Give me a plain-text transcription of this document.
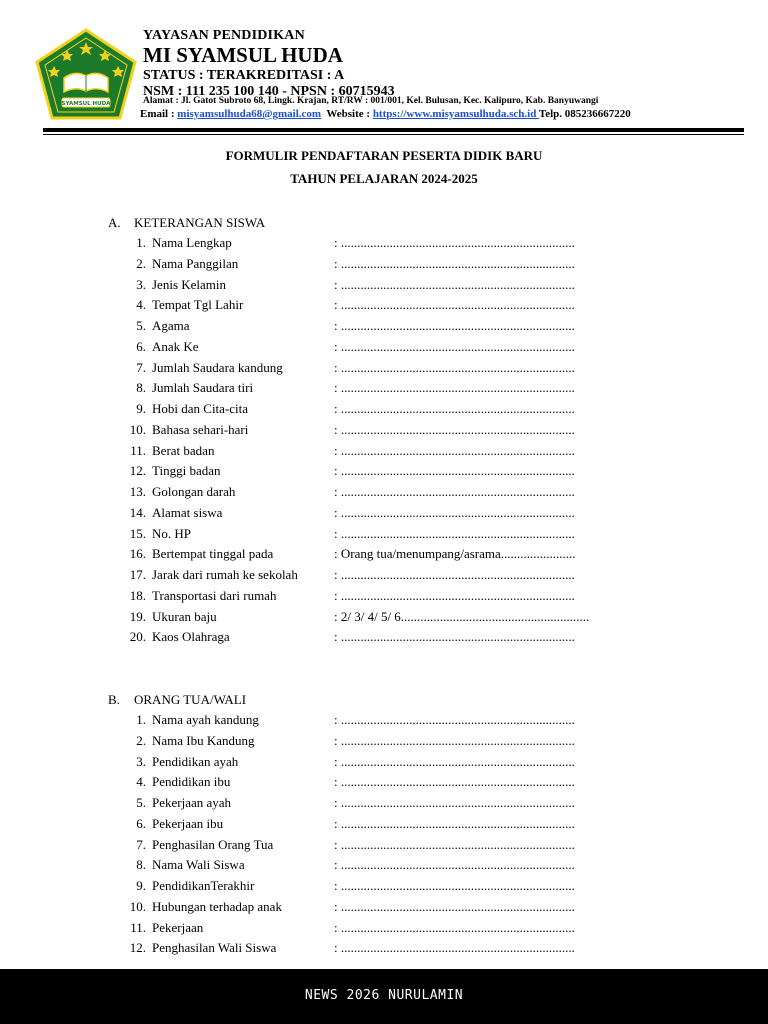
SYAMSUL HUDA
YAYASAN PENDIDIKAN
MI SYAMSUL HUDA
STATUS : TERAKREDITASI : A
NSM : 111 235 100 140 - NPSN : 60715943
Alamat : Jl. Gatot Subroto 68, Lingk. Krajan, RT/RW : 001/001, Kel. Bulusan, Kec. Kalipuro, Kab. Banyuwangi
Email : misyamsulhuda68@gmail.com  Website : https://www.misyamsulhuda.sch.id Telp. 085236667220
FORMULIR PENDAFTARAN PESERTA DIDIK BARU
TAHUN PELAJARAN 2024-2025
A. KETERANGAN SISWA
1. Nama Lengkap	: ........................................................................
2. Nama Panggilan	: ........................................................................
3. Jenis Kelamin	: ........................................................................
4. Tempat Tgl Lahir	: ........................................................................
5. Agama	: ........................................................................
6. Anak Ke	: ........................................................................
7. Jumlah Saudara kandung	: ........................................................................
8. Jumlah Saudara tiri	: ........................................................................
9. Hobi dan Cita-cita	: ........................................................................
10. Bahasa sehari-hari	: ........................................................................
11. Berat badan	: ........................................................................
12. Tinggi badan	: ........................................................................
13. Golongan darah	: ........................................................................
14. Alamat siswa	: ........................................................................
15. No. HP	: ........................................................................
16. Bertempat tinggal pada	: Orang tua/menumpang/asrama.......................
17. Jarak dari rumah ke sekolah	: ........................................................................
18. Transportasi dari rumah	: ........................................................................
19. Ukuran baju	: 2/ 3/ 4/ 5/ 6..........................................................
20. Kaos Olahraga	: ........................................................................
B. ORANG TUA/WALI
1. Nama ayah kandung	: ........................................................................
2. Nama Ibu Kandung	: ........................................................................
3. Pendidikan ayah	: ........................................................................
4. Pendidikan ibu	: ........................................................................
5. Pekerjaan ayah	: ........................................................................
6. Pekerjaan ibu	: ........................................................................
7. Penghasilan Orang Tua	: ........................................................................
8. Nama Wali Siswa	: ........................................................................
9. PendidikanTerakhir	: ........................................................................
10. Hubungan terhadap anak	: ........................................................................
11. Pekerjaan	: ........................................................................
12. Penghasilan Wali Siswa	: ........................................................................
NEWS 2026 NURULAMIN
